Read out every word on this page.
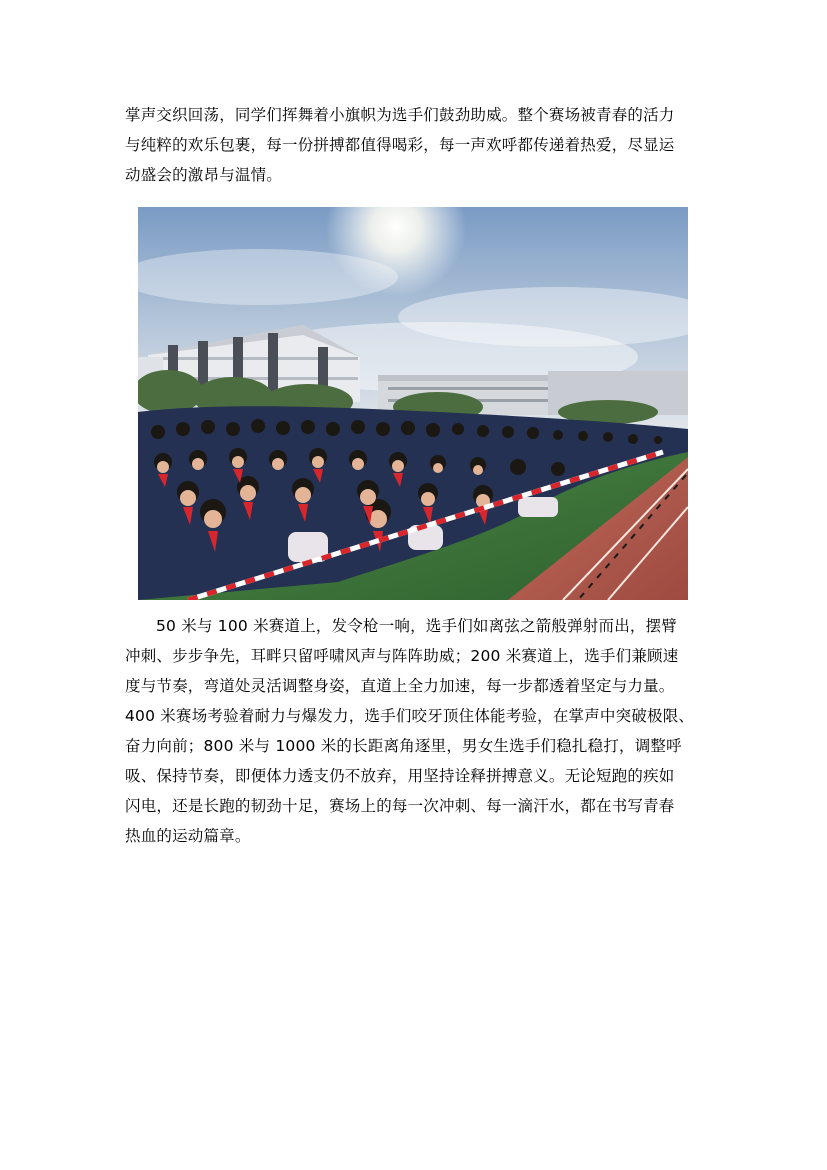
掌声交织回荡，同学们挥舞着小旗帜为选手们鼓劲助威。整个赛场被青春的活力
与纯粹的欢乐包裹，每一份拼搏都值得喝彩，每一声欢呼都传递着热爱，尽显运
动盛会的激昂与温情。
50 米与 100 米赛道上，发令枪一响，选手们如离弦之箭般弹射而出，摆臂
冲刺、步步争先，耳畔只留呼啸风声与阵阵助威；200 米赛道上，选手们兼顾速
度与节奏，弯道处灵活调整身姿，直道上全力加速，每一步都透着坚定与力量。
400 米赛场考验着耐力与爆发力，选手们咬牙顶住体能考验，在掌声中突破极限、
奋力向前；800 米与 1000 米的长距离角逐里，男女生选手们稳扎稳打，调整呼
吸、保持节奏，即便体力透支仍不放弃，用坚持诠释拼搏意义。无论短跑的疾如
闪电，还是长跑的韧劲十足，赛场上的每一次冲刺、每一滴汗水，都在书写青春
热血的运动篇章。
